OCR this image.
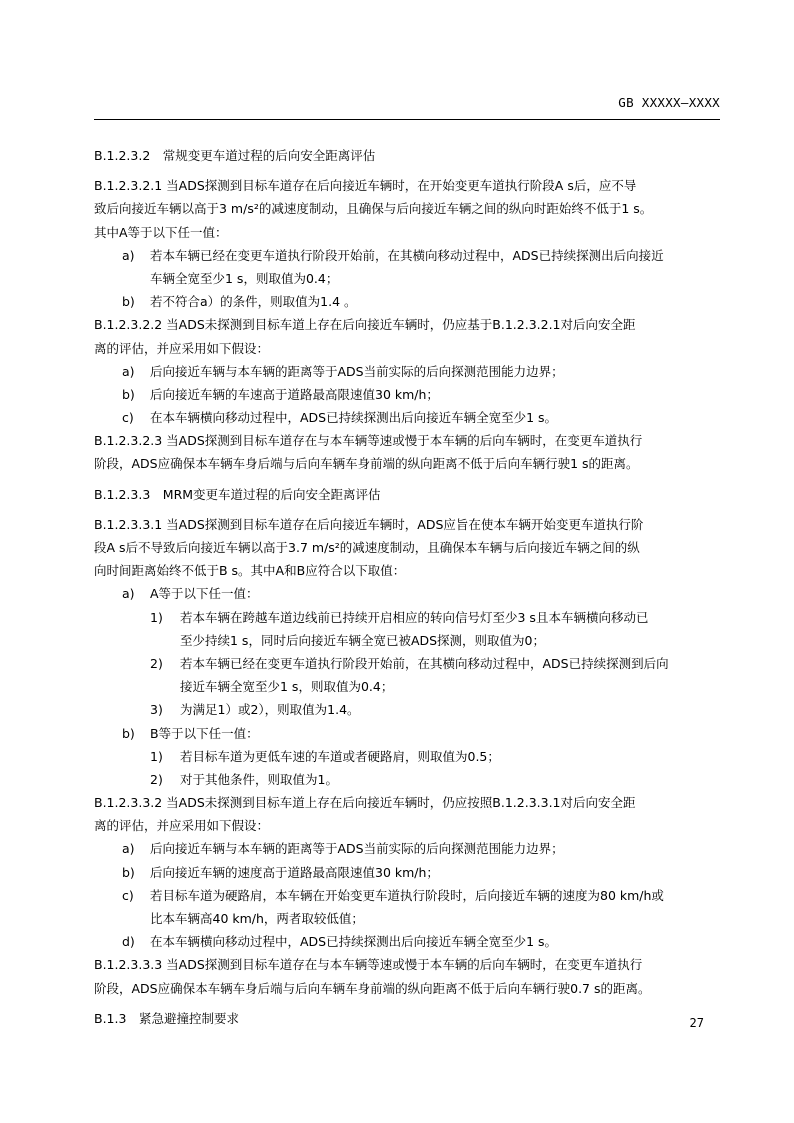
GB XXXXX—XXXX
B.1.2.3.2  常规变更车道过程的后向安全距离评估
B.1.2.3.2.1 当ADS探测到目标车道存在后向接近车辆时，在开始变更车道执行阶段A s后，应不导
致后向接近车辆以高于3 m/s²的减速度制动，且确保与后向接近车辆之间的纵向时距始终不低于1 s。
其中A等于以下任一值：
a) 若本车辆已经在变更车道执行阶段开始前，在其横向移动过程中，ADS已持续探测出后向接近
车辆全宽至少1 s，则取值为0.4；
b) 若不符合a）的条件，则取值为1.4 。
B.1.2.3.2.2 当ADS未探测到目标车道上存在后向接近车辆时，仍应基于B.1.2.3.2.1对后向安全距
离的评估，并应采用如下假设：
a) 后向接近车辆与本车辆的距离等于ADS当前实际的后向探测范围能力边界；
b) 后向接近车辆的车速高于道路最高限速值30 km/h；
c) 在本车辆横向移动过程中，ADS已持续探测出后向接近车辆全宽至少1 s。
B.1.2.3.2.3 当ADS探测到目标车道存在与本车辆等速或慢于本车辆的后向车辆时，在变更车道执行
阶段，ADS应确保本车辆车身后端与后向车辆车身前端的纵向距离不低于后向车辆行驶1 s的距离。
B.1.2.3.3  MRM变更车道过程的后向安全距离评估
B.1.2.3.3.1 当ADS探测到目标车道存在后向接近车辆时，ADS应旨在使本车辆开始变更车道执行阶
段A s后不导致后向接近车辆以高于3.7 m/s²的减速度制动，且确保本车辆与后向接近车辆之间的纵
向时间距离始终不低于B s。其中A和B应符合以下取值：
a) A等于以下任一值：
1) 若本车辆在跨越车道边线前已持续开启相应的转向信号灯至少3 s且本车辆横向移动已
至少持续1 s，同时后向接近车辆全宽已被ADS探测，则取值为0；
2) 若本车辆已经在变更车道执行阶段开始前，在其横向移动过程中，ADS已持续探测到后向
接近车辆全宽至少1 s，则取值为0.4；
3) 为满足1）或2），则取值为1.4。
b) B等于以下任一值：
1) 若目标车道为更低车速的车道或者硬路肩，则取值为0.5；
2) 对于其他条件，则取值为1。
B.1.2.3.3.2 当ADS未探测到目标车道上存在后向接近车辆时，仍应按照B.1.2.3.3.1对后向安全距
离的评估，并应采用如下假设：
a) 后向接近车辆与本车辆的距离等于ADS当前实际的后向探测范围能力边界；
b) 后向接近车辆的速度高于道路最高限速值30 km/h；
c) 若目标车道为硬路肩，本车辆在开始变更车道执行阶段时，后向接近车辆的速度为80 km/h或
比本车辆高40 km/h，两者取较低值；
d) 在本车辆横向移动过程中，ADS已持续探测出后向接近车辆全宽至少1 s。
B.1.2.3.3.3 当ADS探测到目标车道存在与本车辆等速或慢于本车辆的后向车辆时，在变更车道执行
阶段，ADS应确保本车辆车身后端与后向车辆车身前端的纵向距离不低于后向车辆行驶0.7 s的距离。
B.1.3  紧急避撞控制要求	27
